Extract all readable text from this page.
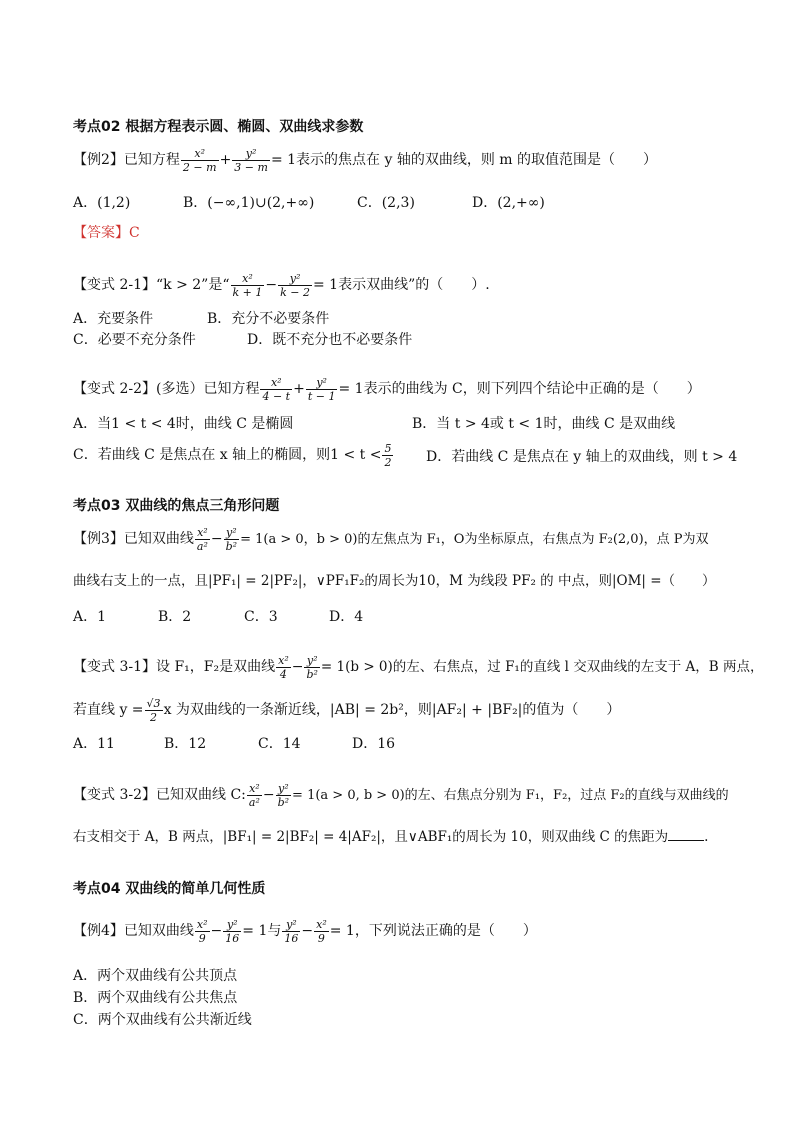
考点02 根据方程表示圆、椭圆、双曲线求参数
【例2】已知方程 $\frac{\text{x²}}{2 - m} + \frac{\text{y²}}{3 - m} = 1$表示的焦点在 y 轴的双曲线，则 m 的取值范围是（　　）
A．(1,2)	B．(−∞,1)∪(2,+∞)	C．(2,3)	D．(2,+∞)
【答案】C
【变式 2-1】“k > 2”是“ $\frac{\text{x²}}{k + 1} - \frac{\text{y²}}{k - 2} = 1$表示双曲线”的（　　）.
A．充要条件	B．充分不必要条件
C．必要不充分条件	D．既不充分也不必要条件
【变式 2-2】(多选）已知方程 $\frac{\text{x²}}{4 - t} + \frac{\text{y²}}{t - 1} = 1$表示的曲线为 C，则下列四个结论中正确的是（　　）
A．当1 < t < 4时，曲线 C 是椭圆	B．当 t > 4或 t < 1时，曲线 C 是双曲线
C．若曲线 C 是焦点在 x 轴上的椭圆，则$1 < t < \frac{5}{2}$ D．若曲线 C 是焦点在 y 轴上的双曲线，则 t > 4
考点03 双曲线的焦点三角形问题
【例3】已知双曲线 $\frac{\text{x²}}{\text{a²}} - \frac{\text{y²}}{\text{b²}} = 1(a > 0$，b > 0)的左焦点为 F₁，O为坐标原点，右焦点为 F₂(2,0)，点 P为双
曲线右支上的一点，且|PF₁| = 2|PF₂|，∨PF₁F₂的周长为10，M 为线段 PF₂ 的 中点，则|OM| =（　　）
A．1	B．2	C．3	D．4
【变式 3-1】设 F₁，F₂是双曲线 $\frac{\text{x²}}{4} - \frac{\text{y²}}{\text{b²}} = 1(b > 0)$的左、右焦点，过 F₁的直线 l 交双曲线的左支于 A，B 两点，
若直线 $y = \frac{√3}{2}$ x 为双曲线的一条渐近线，|AB| = 2b²，则|AF₂| + |BF₂|的值为（　　）
A．11	B．12	C．14	D．16
【变式 3-2】已知双曲线 C: $\frac{\text{x²}}{\text{a²}} - \frac{\text{y²}}{\text{b²}} = 1(a > 0$, b > 0)的左、右焦点分别为 F₁，F₂，过点 F₂的直线与双曲线的
右支相交于 A，B 两点，|BF₁| = 2|BF₂| = 4|AF₂|，且∨ABF₁的周长为 10，则双曲线 C 的焦距为	.
考点04 双曲线的简单几何性质
【例4】已知双曲线 $\frac{\text{x²}}{9} - \frac{\text{y²}}{16} = 1$与 $\frac{\text{y²}}{16} - \frac{\text{x²}}{9} = 1$，下列说法正确的是（　　）
A．两个双曲线有公共顶点
B．两个双曲线有公共焦点
C．两个双曲线有公共渐近线
